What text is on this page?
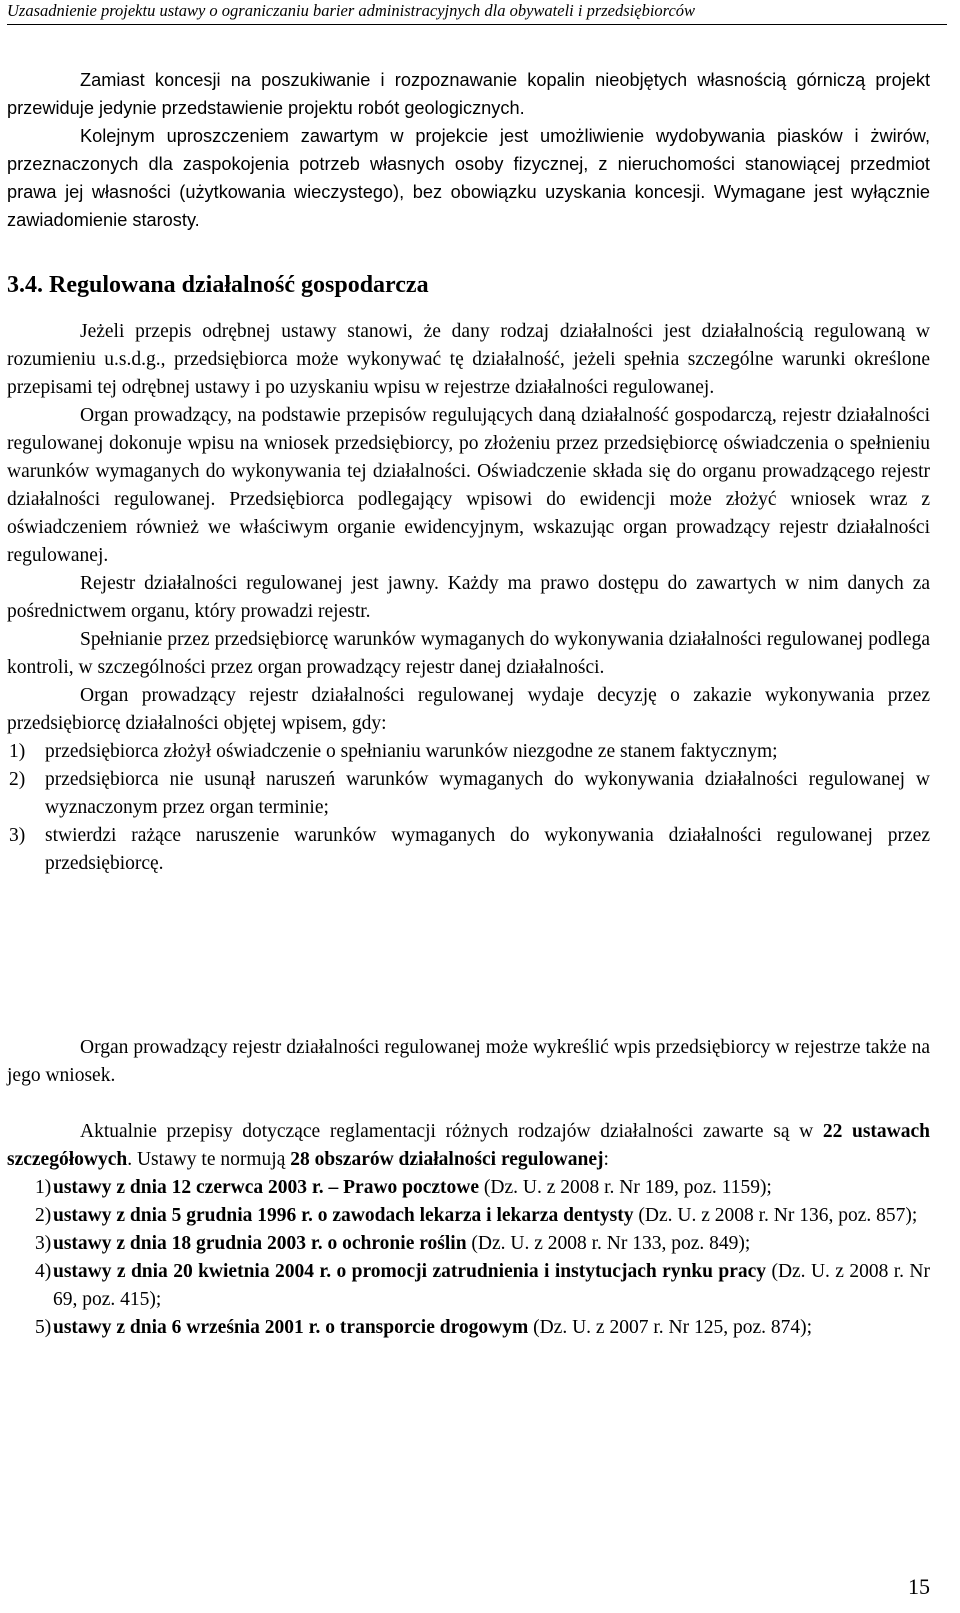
Uzasadnienie projektu ustawy o ograniczaniu barier administracyjnych dla obywateli i przedsiębiorców

Zamiast koncesji na poszukiwanie i rozpoznawanie kopalin nieobjętych własnością górniczą projekt przewiduje jedynie przedstawienie projektu robót geologicznych.

Kolejnym uproszczeniem zawartym w projekcie jest umożliwienie wydobywania piasków i żwirów, przeznaczonych dla zaspokojenia potrzeb własnych osoby fizycznej, z nieruchomości stanowiącej przedmiot prawa jej własności (użytkowania wieczystego), bez obowiązku uzyskania koncesji. Wymagane jest wyłącznie zawiadomienie starosty.

3.4. Regulowana działalność gospodarcza

Jeżeli przepis odrębnej ustawy stanowi, że dany rodzaj działalności jest działalnością regulowaną w rozumieniu u.s.d.g., przedsiębiorca może wykonywać tę działalność, jeżeli spełnia szczególne warunki określone przepisami tej odrębnej ustawy i po uzyskaniu wpisu w rejestrze działalności regulowanej.

Organ prowadzący, na podstawie przepisów regulujących daną działalność gospodarczą, rejestr działalności regulowanej dokonuje wpisu na wniosek przedsiębiorcy, po złożeniu przez przedsiębiorcę oświadczenia o spełnieniu warunków wymaganych do wykonywania tej działalności. Oświadczenie składa się do organu prowadzącego rejestr działalności regulowanej. Przedsiębiorca podlegający wpisowi do ewidencji może złożyć wniosek wraz z oświadczeniem również we właściwym organie ewidencyjnym, wskazując organ prowadzący rejestr działalności regulowanej.

Rejestr działalności regulowanej jest jawny. Każdy ma prawo dostępu do zawartych w nim danych za pośrednictwem organu, który prowadzi rejestr.

Spełnianie przez przedsiębiorcę warunków wymaganych do wykonywania działalności regulowanej podlega kontroli, w szczególności przez organ prowadzący rejestr danej działalności.

Organ prowadzący rejestr działalności regulowanej wydaje decyzję o zakazie wykonywania przez przedsiębiorcę działalności objętej wpisem, gdy:

1) przedsiębiorca złożył oświadczenie o spełnianiu warunków niezgodne ze stanem faktycznym;
2) przedsiębiorca nie usunął naruszeń warunków wymaganych do wykonywania działalności regulowanej w wyznaczonym przez organ terminie;
3) stwierdzi rażące naruszenie warunków wymaganych do wykonywania działalności regulowanej przez przedsiębiorcę.

Organ prowadzący rejestr działalności regulowanej może wykreślić wpis przedsiębiorcy w rejestrze także na jego wniosek.

Aktualnie przepisy dotyczące reglamentacji różnych rodzajów działalności zawarte są w 22 ustawach szczegółowych. Ustawy te normują 28 obszarów działalności regulowanej:

1) ustawy z dnia 12 czerwca 2003 r. – Prawo pocztowe (Dz. U. z 2008 r. Nr 189, poz. 1159);
2) ustawy z dnia 5 grudnia 1996 r. o zawodach lekarza i lekarza dentysty (Dz. U. z 2008 r. Nr 136, poz. 857);
3) ustawy z dnia 18 grudnia 2003 r. o ochronie roślin (Dz. U. z 2008 r. Nr 133, poz. 849);
4) ustawy z dnia 20 kwietnia 2004 r. o promocji zatrudnienia i instytucjach rynku pracy (Dz. U. z 2008 r. Nr 69, poz. 415);
5) ustawy z dnia 6 września 2001 r. o transporcie drogowym (Dz. U. z 2007 r. Nr 125, poz. 874);
15
